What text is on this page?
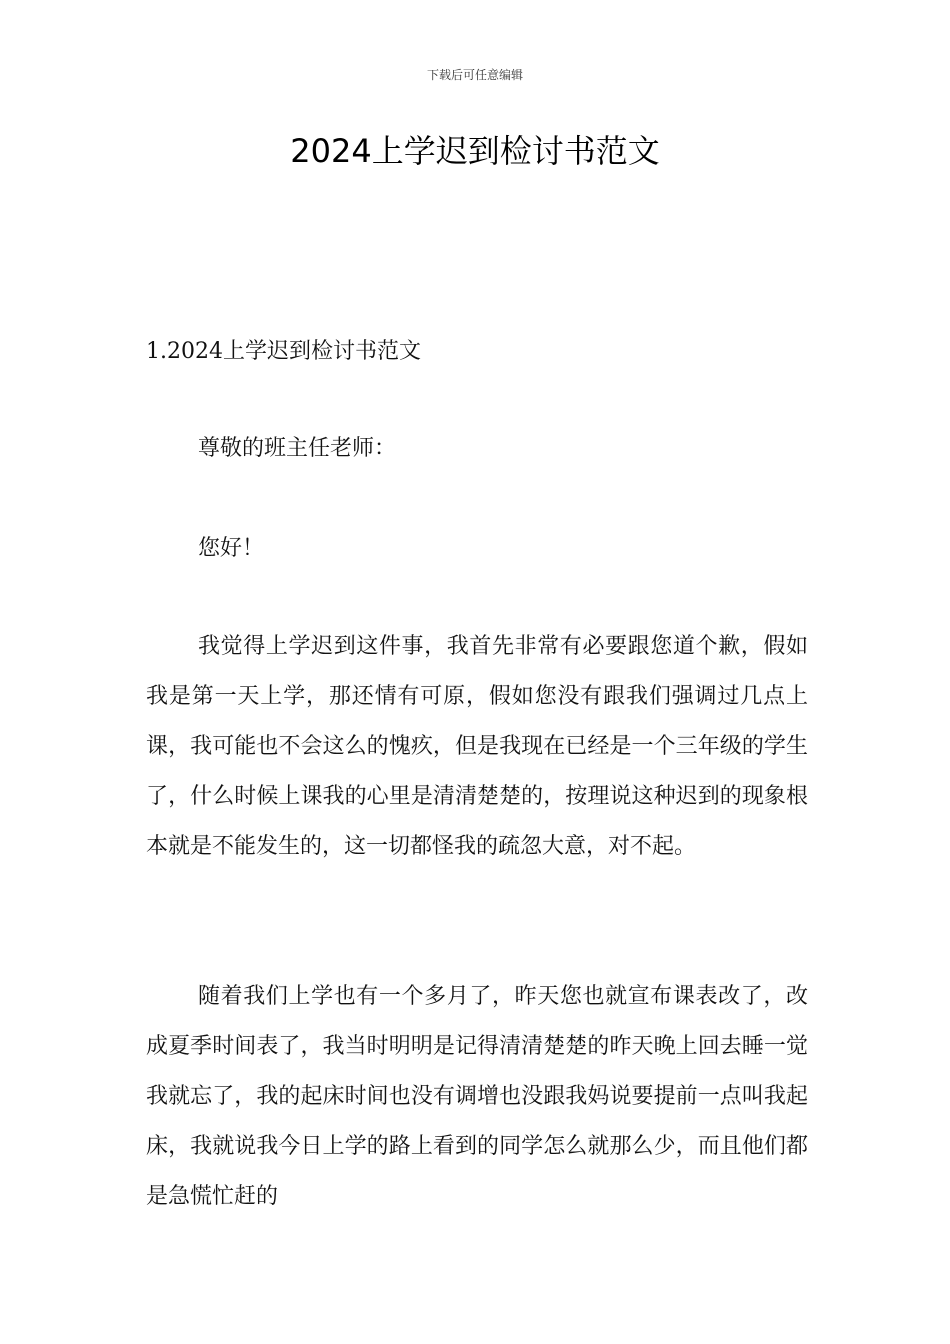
下载后可任意编辑
2024上学迟到检讨书范文
1.2024上学迟到检讨书范文

尊敬的班主任老师：

您好！

我觉得上学迟到这件事，我首先非常有必要跟您道个歉，假如我是第一天上学，那还情有可原，假如您没有跟我们强调过几点上课，我可能也不会这么的愧疚，但是我现在已经是一个三年级的学生了，什么时候上课我的心里是清清楚楚的，按理说这种迟到的现象根本就是不能发生的，这一切都怪我的疏忽大意，对不起。

随着我们上学也有一个多月了，昨天您也就宣布课表改了，改成夏季时间表了，我当时明明是记得清清楚楚的昨天晚上回去睡一觉我就忘了，我的起床时间也没有调增也没跟我妈说要提前一点叫我起床，我就说我今日上学的路上看到的同学怎么就那么少，而且他们都是急慌忙赶的
